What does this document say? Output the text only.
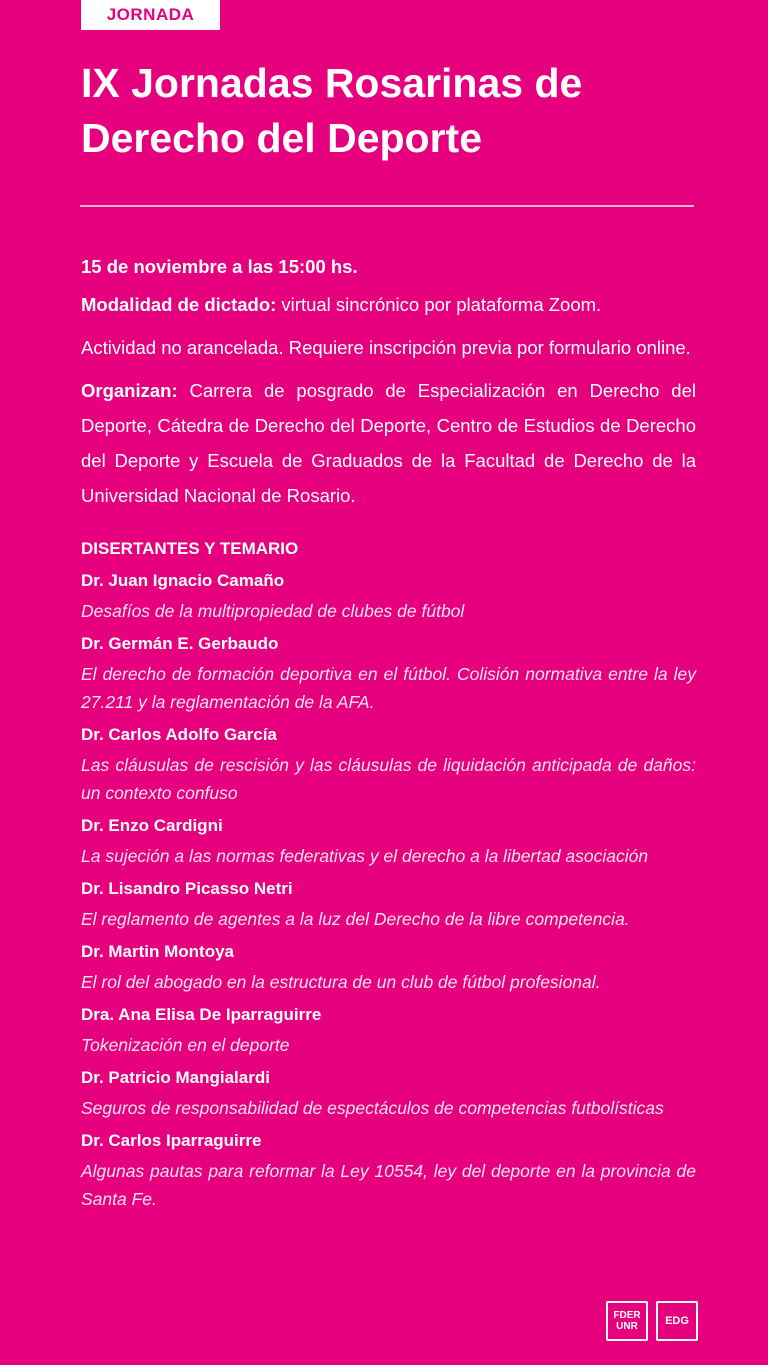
JORNADA
IX Jornadas Rosarinas de Derecho del Deporte

15 de noviembre a las 15:00 hs.

Modalidad de dictado: virtual sincrónico por plataforma Zoom.

Actividad no arancelada. Requiere inscripción previa por formulario online.

Organizan: Carrera de posgrado de Especialización en Derecho del Deporte, Cátedra de Derecho del Deporte, Centro de Estudios de Derecho del Deporte y Escuela de Graduados de la Facultad de Derecho de la Universidad Nacional de Rosario.

DISERTANTES Y TEMARIO

Dr. Juan Ignacio Camaño

Desafíos de la multipropiedad de clubes de fútbol

Dr. Germán E. Gerbaudo

El derecho de formación deportiva en el fútbol. Colisión normativa entre la ley 27.211 y la reglamentación de la AFA.

Dr. Carlos Adolfo García

Las cláusulas de rescisión y las cláusulas de liquidación anticipada de daños: un contexto confuso

Dr. Enzo Cardigni

La sujeción a las normas federativas y el derecho a la libertad asociación

Dr. Lisandro Picasso Netri

El reglamento de agentes a la luz del Derecho de la libre competencia.

Dr. Martin Montoya

El rol del abogado en la estructura de un club de fútbol profesional.

Dra. Ana Elisa De Iparraguirre

Tokenización en el deporte

Dr. Patricio Mangialardi

Seguros de responsabilidad de espectáculos de competencias futbolísticas

Dr. Carlos Iparraguirre

Algunas pautas para reformar la Ley 10554, ley del deporte en la provincia de Santa Fe.

FDER
UNR EDG
